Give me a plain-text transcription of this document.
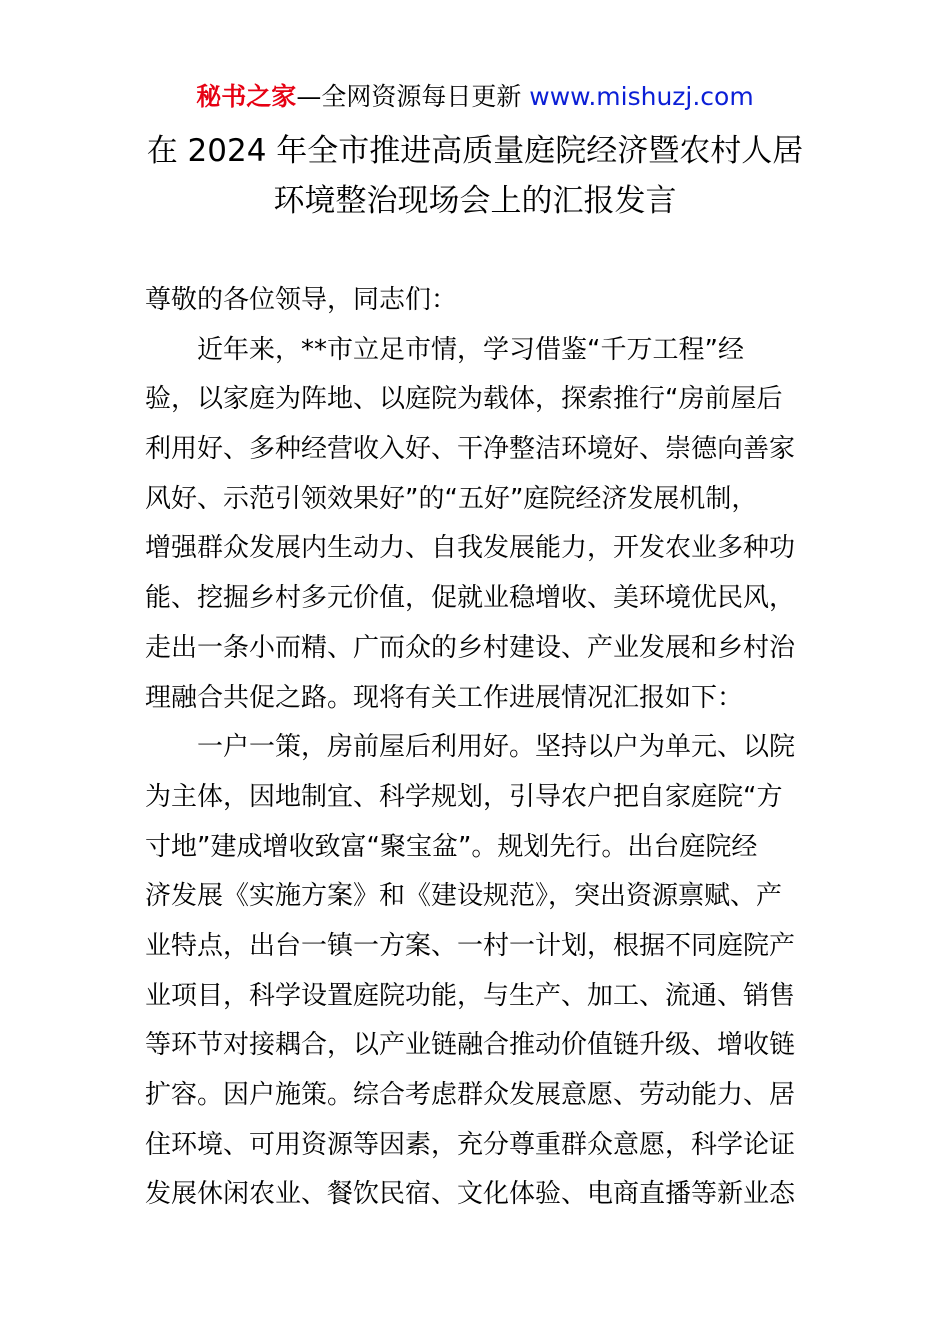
秘书之家—全网资源每日更新 www.mishuzj.com
在 2024 年全市推进高质量庭院经济暨农村人居
环境整治现场会上的汇报发言
尊敬的各位领导，同志们：
近年来，**市立足市情，学习借鉴“千万工程”经
验，以家庭为阵地、以庭院为载体，探索推行“房前屋后
利用好、多种经营收入好、干净整洁环境好、崇德向善家
风好、示范引领效果好”的“五好”庭院经济发展机制，
增强群众发展内生动力、自我发展能力，开发农业多种功
能、挖掘乡村多元价值，促就业稳增收、美环境优民风，
走出一条小而精、广而众的乡村建设、产业发展和乡村治
理融合共促之路。现将有关工作进展情况汇报如下：
一户一策，房前屋后利用好。坚持以户为单元、以院
为主体，因地制宜、科学规划，引导农户把自家庭院“方
寸地”建成增收致富“聚宝盆”。规划先行。出台庭院经
济发展《实施方案》和《建设规范》，突出资源禀赋、产
业特点，出台一镇一方案、一村一计划，根据不同庭院产
业项目，科学设置庭院功能，与生产、加工、流通、销售
等环节对接耦合，以产业链融合推动价值链升级、增收链
扩容。因户施策。综合考虑群众发展意愿、劳动能力、居
住环境、可用资源等因素，充分尊重群众意愿，科学论证
发展休闲农业、餐饮民宿、文化体验、电商直播等新业态
